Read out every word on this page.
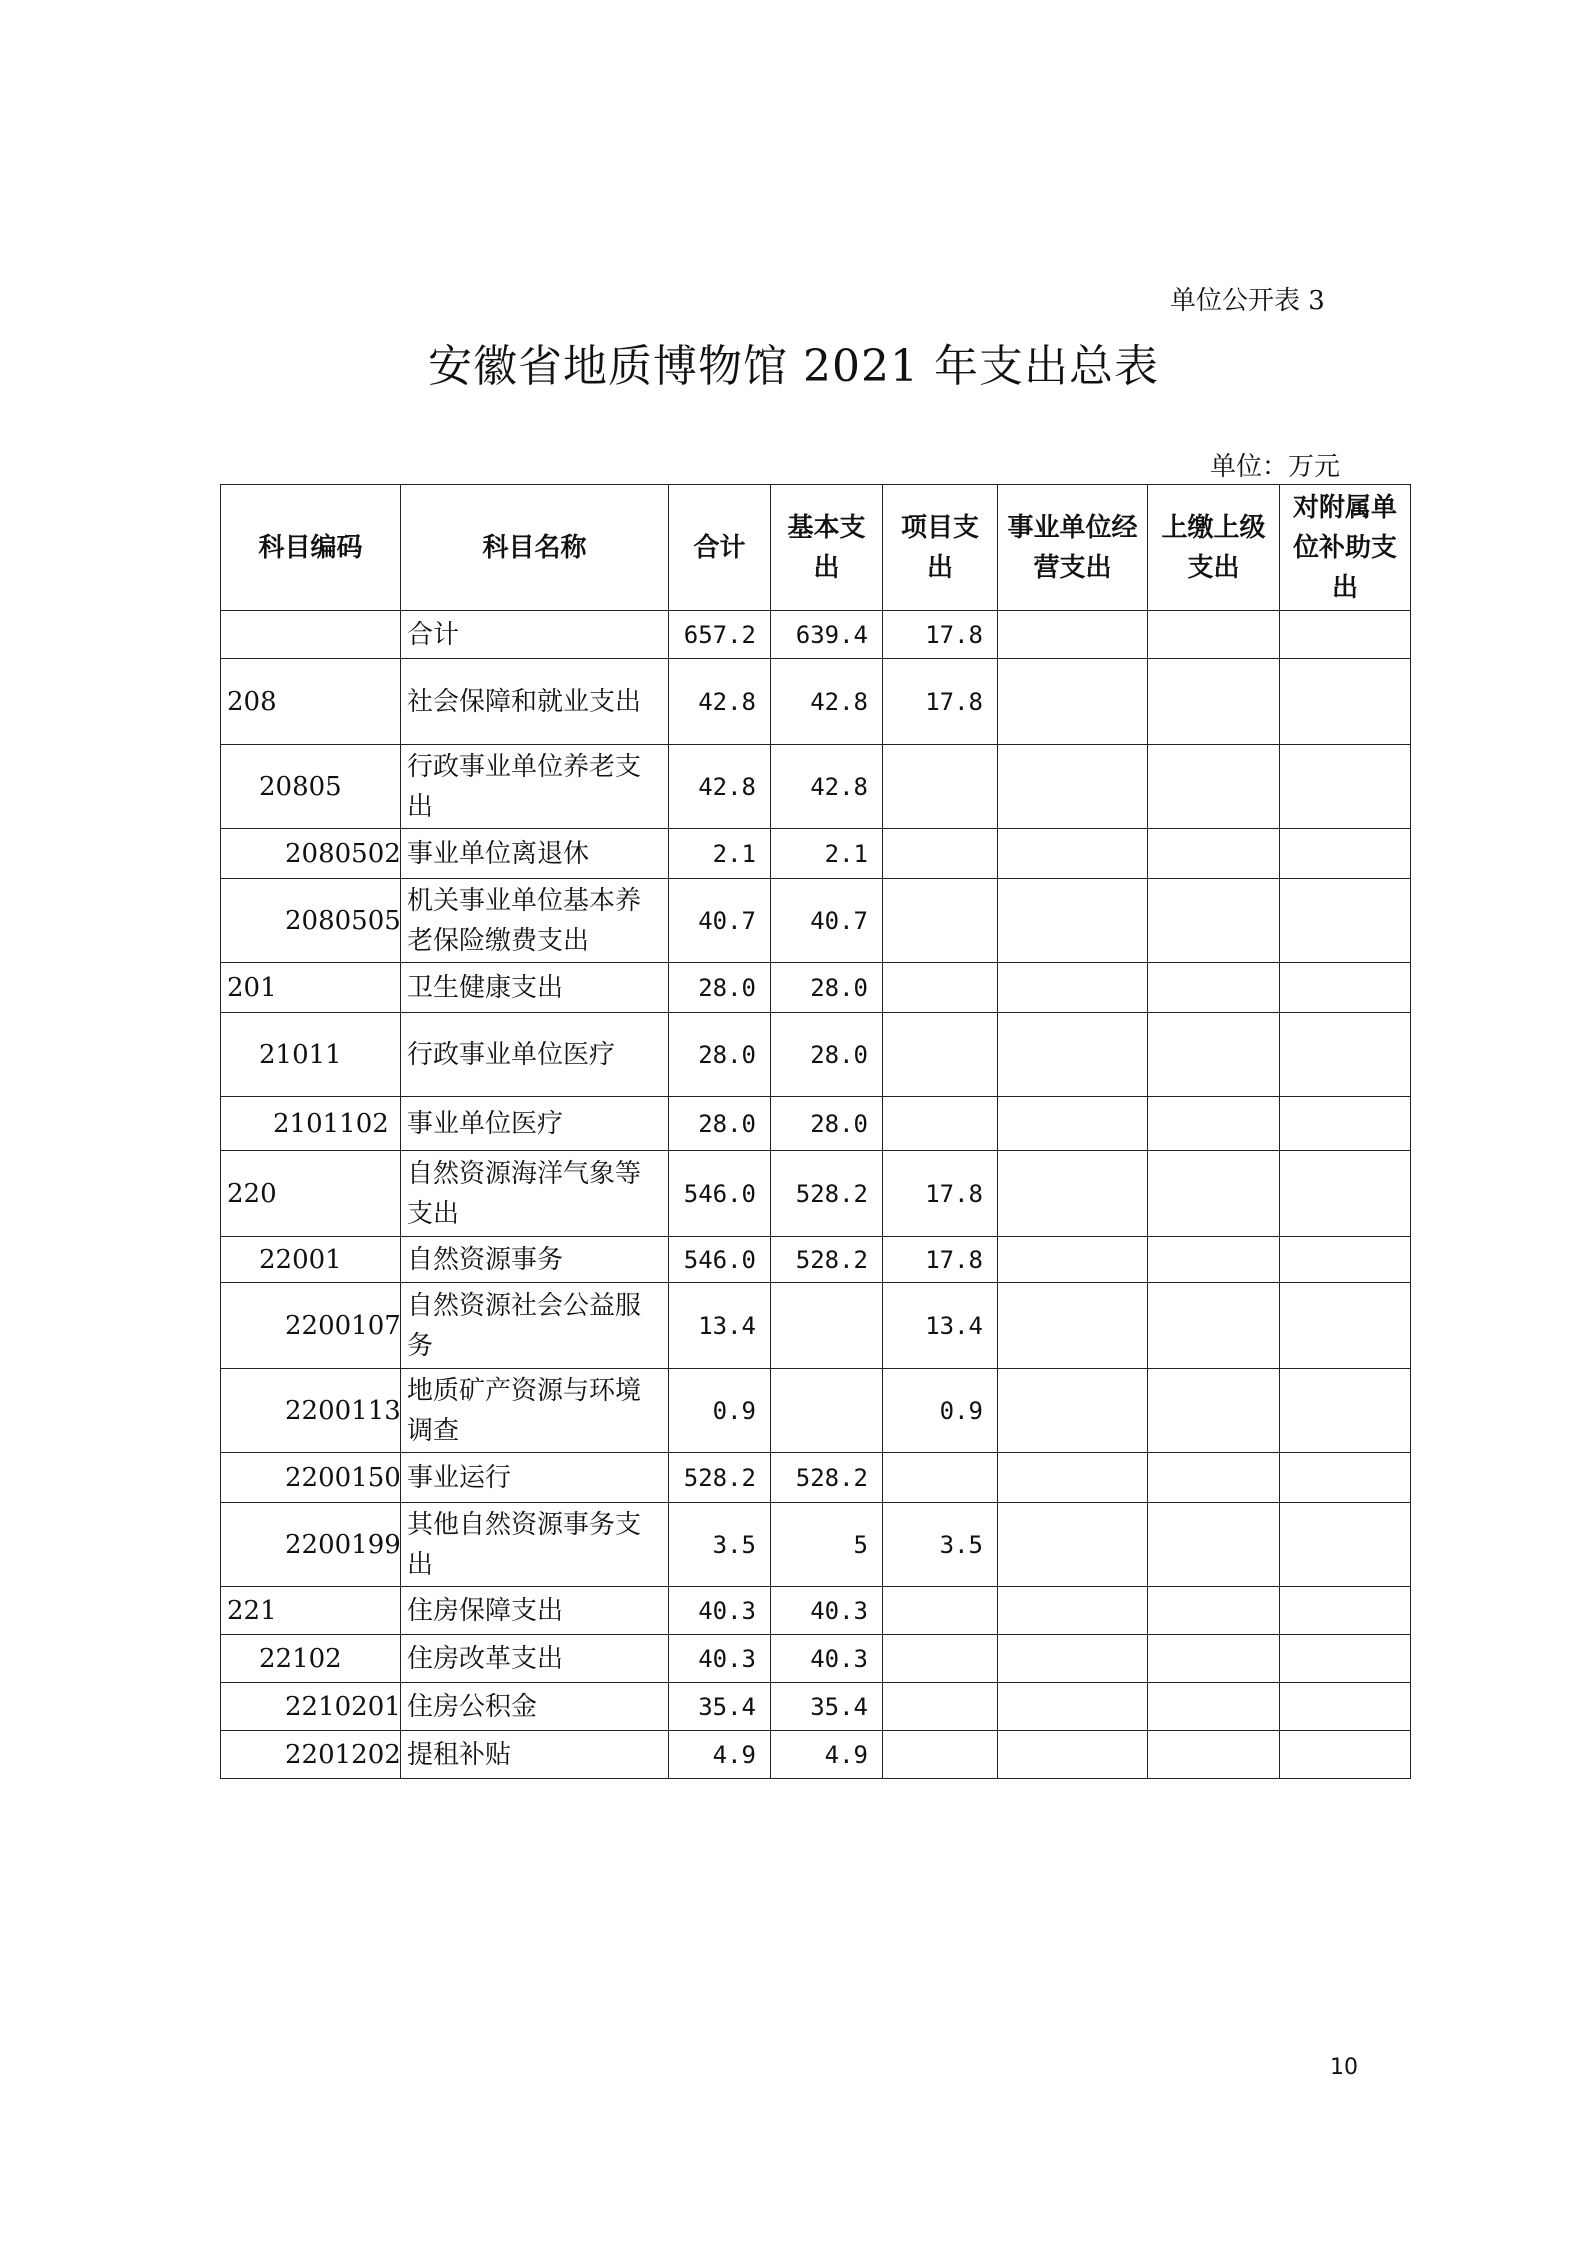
单位公开表 3
安徽省地质博物馆 2021 年支出总表
单位：万元
科目编码	科目名称	合计	基本支出	项目支出	事业单位经营支出	上缴上级支出	对附属单位补助支出
	合计	657.2	639.4	17.8			
208	社会保障和就业支出	42.8	42.8	17.8			
20805	行政事业单位养老支出	42.8	42.8				
2080502	事业单位离退休	2.1	2.1				
2080505	机关事业单位基本养老保险缴费支出	40.7	40.7				
201	卫生健康支出	28.0	28.0				
21011	行政事业单位医疗	28.0	28.0				
2101102	事业单位医疗	28.0	28.0				
220	自然资源海洋气象等支出	546.0	528.2	17.8			
22001	自然资源事务	546.0	528.2	17.8			
2200107	自然资源社会公益服务	13.4		13.4			
2200113	地质矿产资源与环境调查	0.9		0.9			
2200150	事业运行	528.2	528.2				
2200199	其他自然资源事务支出	3.5	5	3.5			
221	住房保障支出	40.3	40.3				
22102	住房改革支出	40.3	40.3				
2210201	住房公积金	35.4	35.4				
2201202	提租补贴	4.9	4.9				
10
